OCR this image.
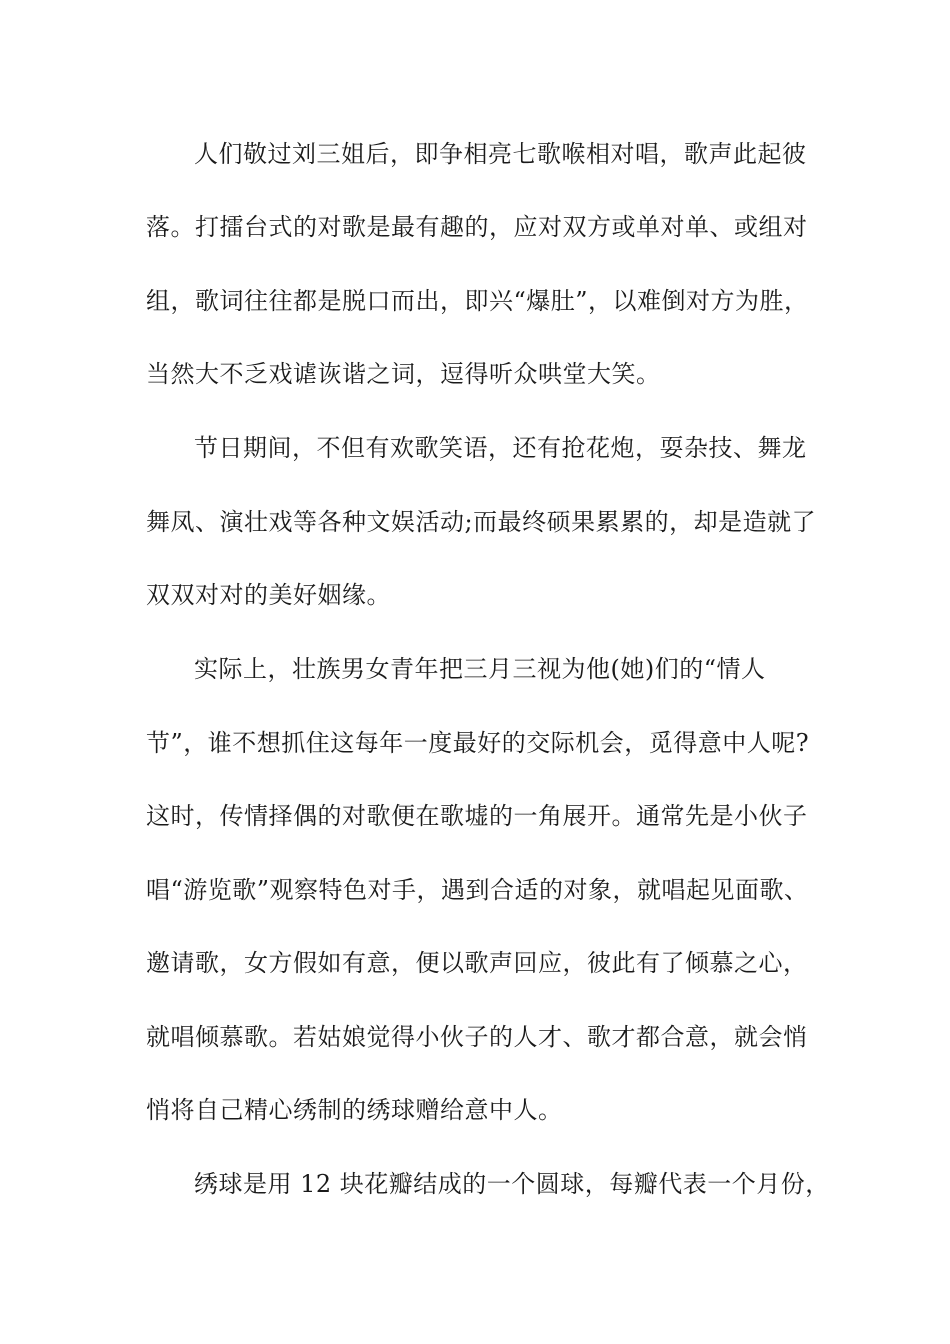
人们敬过刘三姐后，即争相亮七歌喉相对唱，歌声此起彼
落。打擂台式的对歌是最有趣的，应对双方或单对单、或组对
组，歌词往往都是脱口而出，即兴“爆肚”，以难倒对方为胜，
当然大不乏戏谑诙谐之词，逗得听众哄堂大笑。
节日期间，不但有欢歌笑语，还有抢花炮，耍杂技、舞龙
舞凤、演壮戏等各种文娱活动;而最终硕果累累的，却是造就了
双双对对的美好姻缘。
实际上，壮族男女青年把三月三视为他(她)们的“情人
节”，谁不想抓住这每年一度最好的交际机会，觅得意中人呢?
这时，传情择偶的对歌便在歌墟的一角展开。通常先是小伙子
唱“游览歌”观察特色对手，遇到合适的对象，就唱起见面歌、
邀请歌，女方假如有意，便以歌声回应，彼此有了倾慕之心，
就唱倾慕歌。若姑娘觉得小伙子的人才、歌才都合意，就会悄
悄将自己精心绣制的绣球赠给意中人。
绣球是用 12 块花瓣结成的一个圆球，每瓣代表一个月份，
